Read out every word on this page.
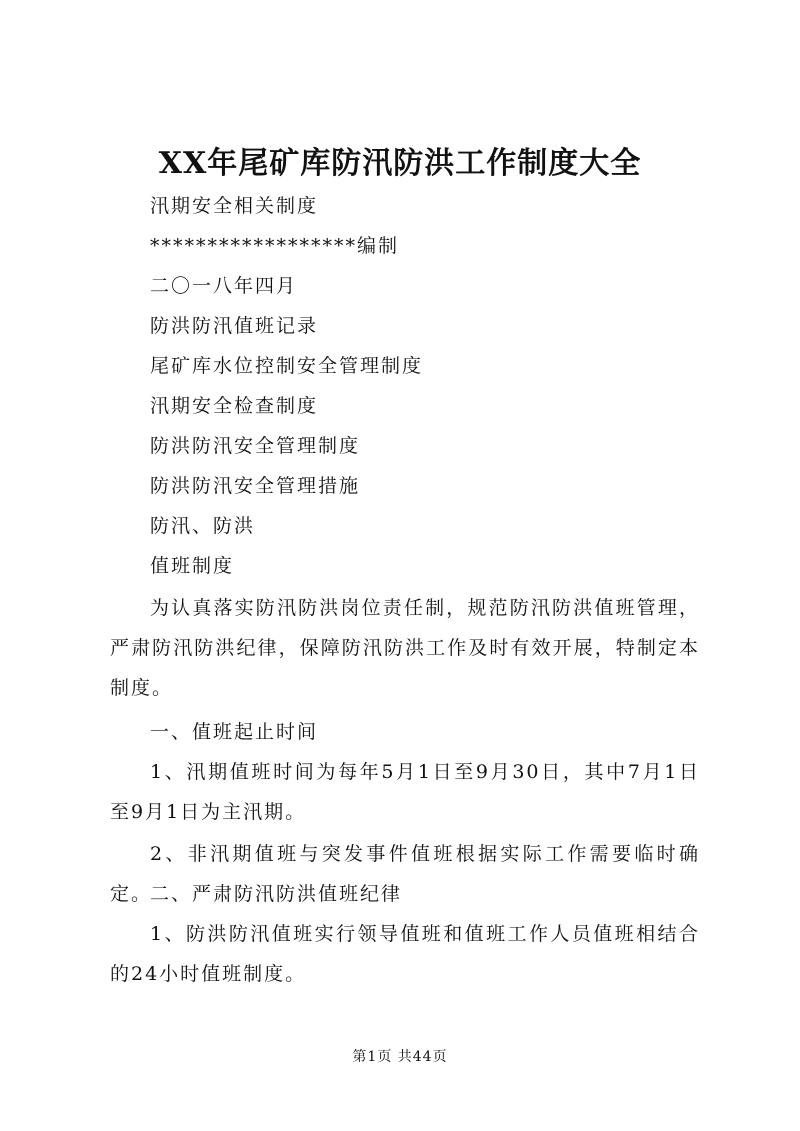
XX年尾矿库防汛防洪工作制度大全
汛期安全相关制度
******************编制
二〇一八年四月
防洪防汛值班记录
尾矿库水位控制安全管理制度
汛期安全检查制度
防洪防汛安全管理制度
防洪防汛安全管理措施
防汛、防洪
值班制度
为认真落实防汛防洪岗位责任制，规范防汛防洪值班管理，严肃防汛防洪纪律，保障防汛防洪工作及时有效开展，特制定本制度。
一、值班起止时间
1、汛期值班时间为每年5月1日至9月30日，其中7月1日至9月1日为主汛期。
2、非汛期值班与突发事件值班根据实际工作需要临时确定。
二、严肃防汛防洪值班纪律
1、防洪防汛值班实行领导值班和值班工作人员值班相结合的24小时值班制度。
第1页 共44页
